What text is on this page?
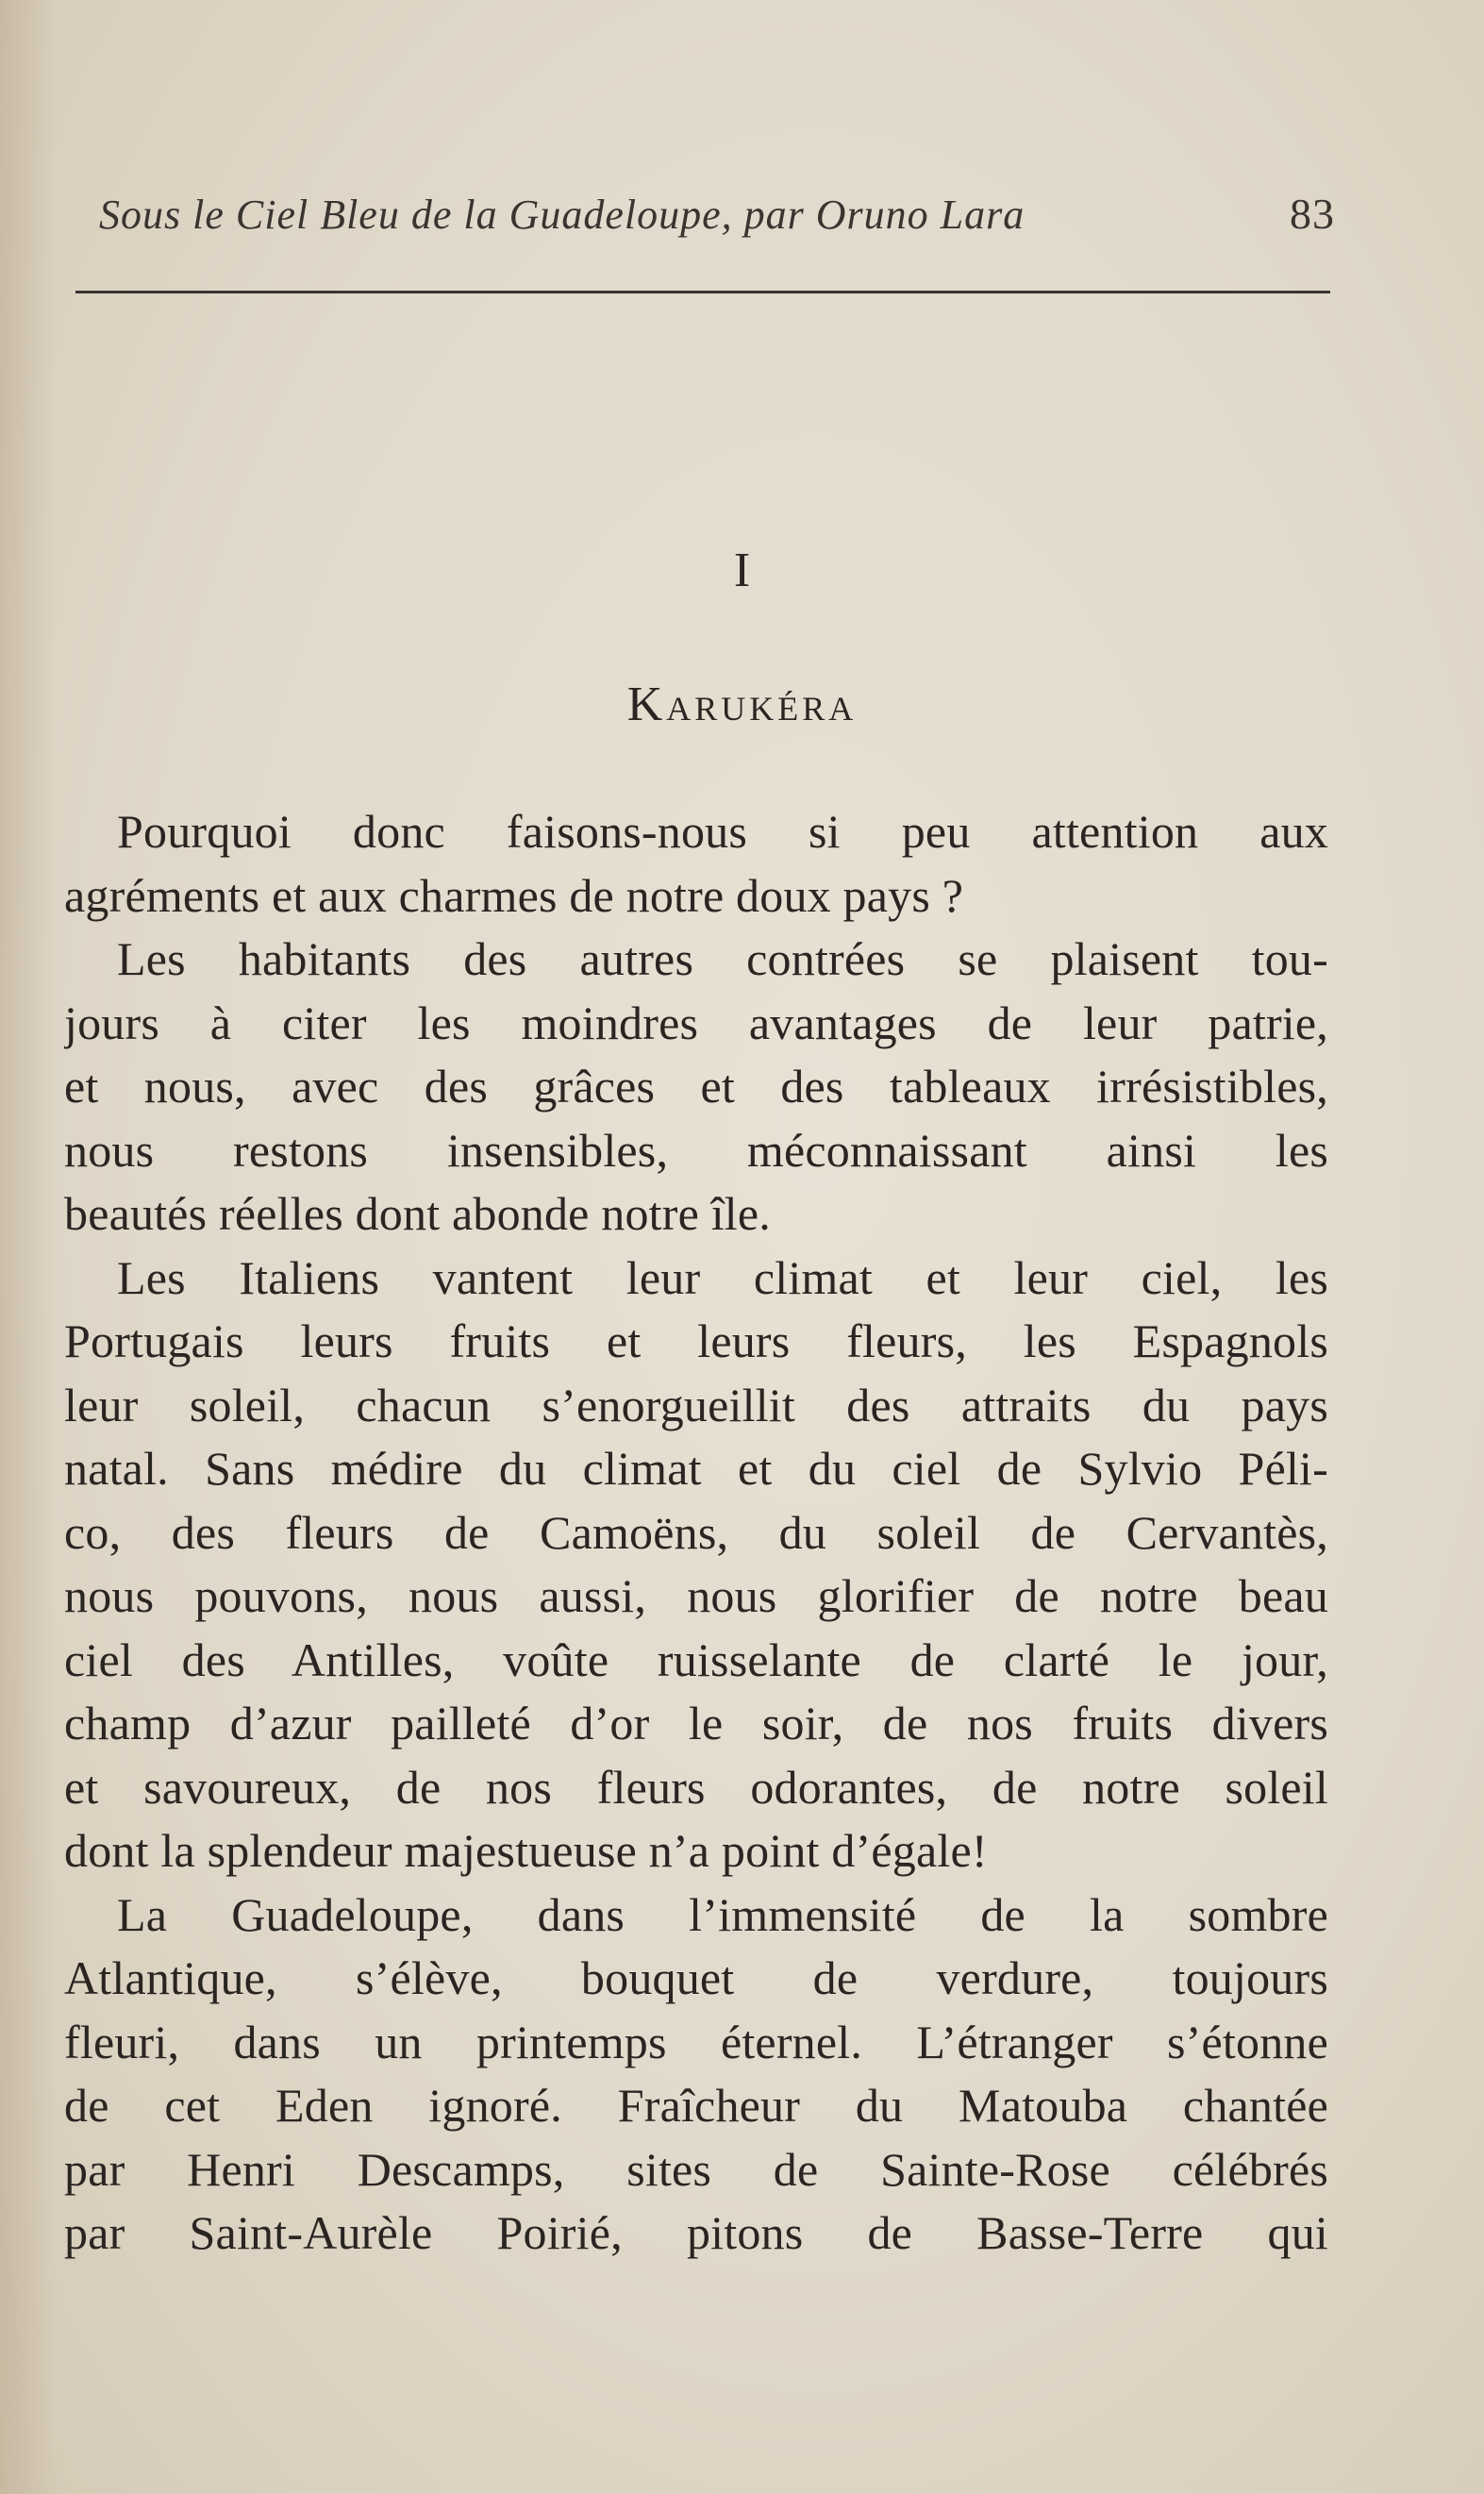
Sous le Ciel Bleu de la Guadeloupe, par Oruno Lara	83
I
Karukéra
Pourquoi donc faisons-nous si peu attention aux
agréments et aux charmes de notre doux pays ?
Les habitants des autres contrées se plaisent tou-
jours à citer les moindres avantages de leur patrie,
et nous, avec des grâces et des tableaux irrésistibles,
nous restons insensibles, méconnaissant ainsi les
beautés réelles dont abonde notre île.
Les Italiens vantent leur climat et leur ciel, les
Portugais leurs fruits et leurs fleurs, les Espagnols
leur soleil, chacun s’enorgueillit des attraits du pays
natal. Sans médire du climat et du ciel de Sylvio Péli-
co, des fleurs de Camoëns, du soleil de Cervantès,
nous pouvons, nous aussi, nous glorifier de notre beau
ciel des Antilles, voûte ruisselante de clarté le jour,
champ d’azur pailleté d’or le soir, de nos fruits divers
et savoureux, de nos fleurs odorantes, de notre soleil
dont la splendeur majestueuse n’a point d’égale!
La Guadeloupe, dans l’immensité de la sombre
Atlantique, s’élève, bouquet de verdure, toujours
fleuri, dans un printemps éternel. L’étranger s’étonne
de cet Eden ignoré. Fraîcheur du Matouba chantée
par Henri Descamps, sites de Sainte-Rose célébrés
par Saint-Aurèle Poirié, pitons de Basse-Terre qui
